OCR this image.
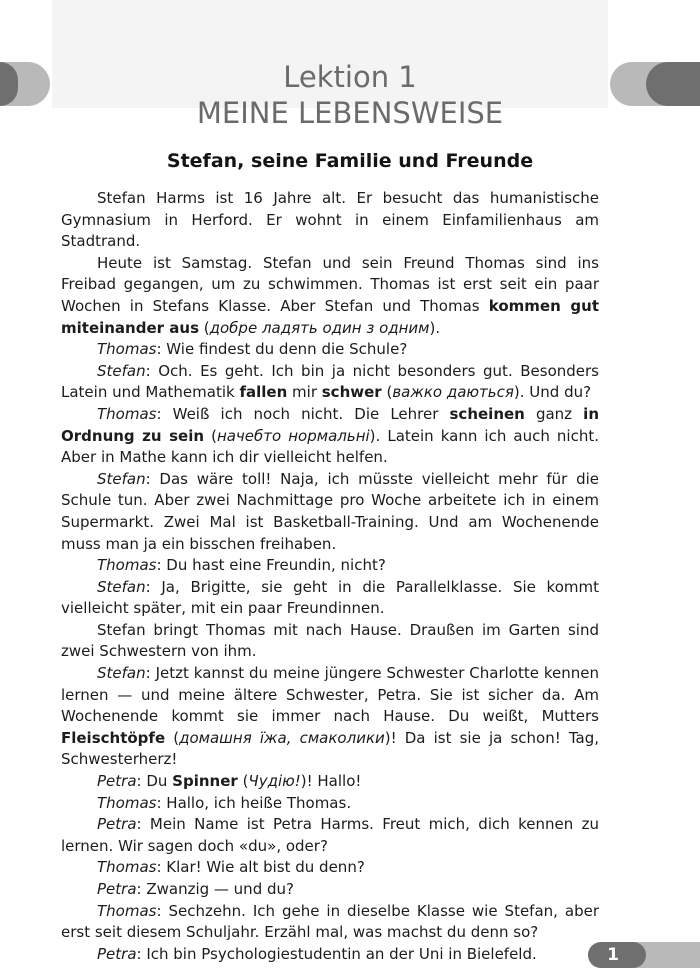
Lektion 1
MEINE LEBENSWEISE
Stefan, seine Familie und Freunde

Stefan Harms ist 16 Jahre alt. Er besucht das humanistische Gymnasium in Herford. Er wohnt in einem Einfamilienhaus am Stadtrand.

Heute ist Samstag. Stefan und sein Freund Thomas sind ins Freibad gegangen, um zu schwimmen. Thomas ist erst seit ein paar Wochen in Stefans Klasse. Aber Stefan und Thomas kommen gut miteinander aus (добре ладять один з одним).

Thomas: Wie findest du denn die Schule?

Stefan: Och. Es geht. Ich bin ja nicht besonders gut. Besonders Latein und Mathematik fallen mir schwer (важко даються). Und du?

Thomas: Weiß ich noch nicht. Die Lehrer scheinen ganz in Ordnung zu sein (начебто нормальні). Latein kann ich auch nicht. Aber in Mathe kann ich dir vielleicht helfen.

Stefan: Das wäre toll! Naja, ich müsste vielleicht mehr für die Schule tun. Aber zwei Nachmittage pro Woche arbeitete ich in einem Supermarkt. Zwei Mal ist Basketball-Training. Und am Wochenende muss man ja ein bisschen freihaben.

Thomas: Du hast eine Freundin, nicht?

Stefan: Ja, Brigitte, sie geht in die Parallelklasse. Sie kommt vielleicht später, mit ein paar Freundinnen.

Stefan bringt Thomas mit nach Hause. Draußen im Garten sind zwei Schwestern von ihm.

Stefan: Jetzt kannst du meine jüngere Schwester Charlotte kennen lernen — und meine ältere Schwester, Petra. Sie ist sicher da. Am Wochenende kommt sie immer nach Hause. Du weißt, Mutters Fleischtöpfe (домашня їжа, смаколики)! Da ist sie ja schon! Tag, Schwesterherz!

Petra: Du Spinner (Чудію!)! Hallo!

Thomas: Hallo, ich heiße Thomas.

Petra: Mein Name ist Petra Harms. Freut mich, dich kennen zu lernen. Wir sagen doch «du», oder?

Thomas: Klar! Wie alt bist du denn?

Petra: Zwanzig — und du?

Thomas: Sechzehn. Ich gehe in dieselbe Klasse wie Stefan, aber erst seit diesem Schuljahr. Erzähl mal, was machst du denn so?

Petra: Ich bin Psychologiestudentin an der Uni in Bielefeld.	1
